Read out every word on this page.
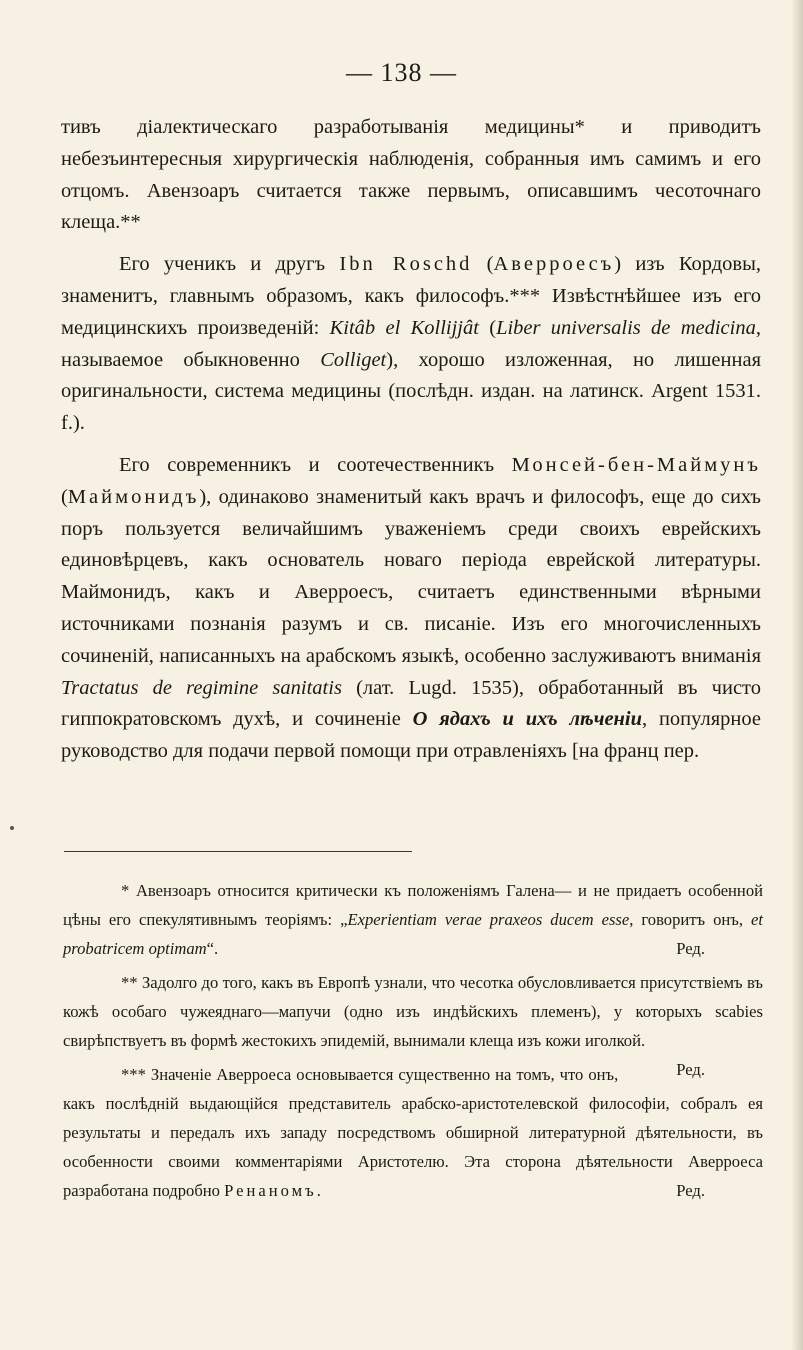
— 138 —

тивъ діалектическаго разработыванія медицины* и приводитъ небезъинтересныя хирургическія наблюденія, собранныя имъ самимъ и его отцомъ. Авензоаръ считается также первымъ, описавшимъ чесоточнаго клеща.**

Его ученикъ и другъ Ibn Roschd (Аверроесъ) изъ Кордовы, знаменитъ, главнымъ образомъ, какъ философъ.*** Извѣстнѣйшее изъ его медицинскихъ произведеній: Kitâb el Kollijjât (Liber universalis de medicina, называемое обыкновенно Colliget), хорошо изложенная, но лишенная оригинальности, система медицины (послѣдн. издан. на латинск. Argent 1531. f.).

Его современникъ и соотечественникъ Монсей-бен-Маймунъ (Маймонидъ), одинаково знаменитый какъ врачъ и философъ, еще до сихъ поръ пользуется величайшимъ уваженіемъ среди своихъ еврейскихъ единовѣрцевъ, какъ основатель новаго періода еврейской литературы. Маймонидъ, какъ и Аверроесъ, считаетъ единственными вѣрными источниками познанія разумъ и св. писаніе. Изъ его многочисленныхъ сочиненій, написанныхъ на арабскомъ языкѣ, особенно заслуживаютъ вниманія Tractatus de regimine sanitatis (лат. Lugd. 1535), обработанный въ чисто гиппократовскомъ духѣ, и сочиненіе О ядахъ и ихъ лѣченіи, популярное руководство для подачи первой помощи при отравленіяхъ [на франц пер.

* Авензоаръ относится критически къ положеніямъ Галена— и не придаетъ особенной цѣны его спекулятивнымъ теоріямъ: „Experientiam verae praxeos ducem esse, говоритъ онъ, et probatricem optimam“.	Ред.

** Задолго до того, какъ въ Европѣ узнали, что чесотка обусловливается присутствіемъ въ кожѣ особаго чужеяднаго—мапучи (одно изъ индѣйскихъ племенъ), у которыхъ scabies свирѣпствуетъ въ формѣ жестокихъ эпидемій, вынимали клеща изъ кожи иголкой.
Ред.

*** Значеніе Аверроеса основывается существенно на томъ, что онъ, какъ послѣдній выдающійся представитель арабско-аристотелевской философіи, собралъ ея результаты и передалъ ихъ западу посредствомъ обширной литературной дѣятельности, въ особенности своими комментаріями Аристотелю. Эта сторона дѣятельности Аверроеса разработана подробно Ренаномъ.	Ред.
